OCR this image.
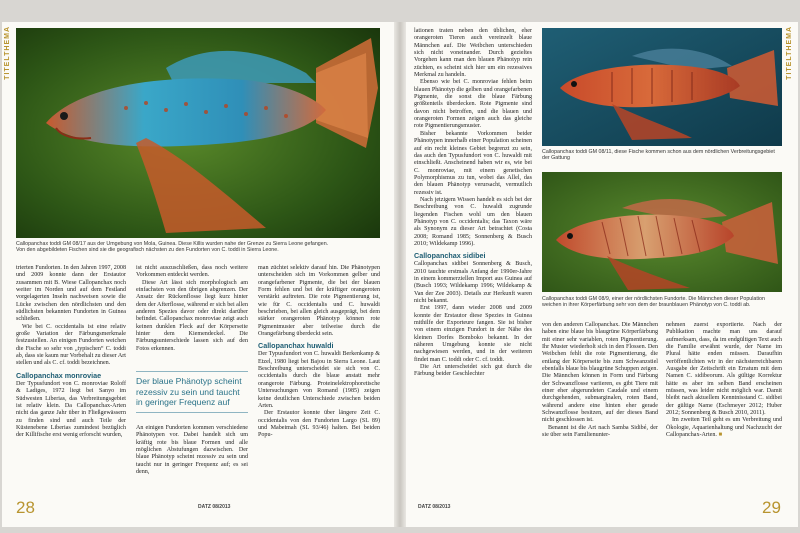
TITELTHEMA
Callopanchax toddi GM 08/17 aus der Umgebung von Mola, Guinea. Diese Killis wurden nahe der Grenze zu Sierra Leone gefangen.
Von den abgebildeten Fischen sind sie die geografisch nächsten zu den Fundorten von C. toddi in Sierra Leone.

trierten Fundorten. In den Jahren 1997, 2008 und 2009 konnte dann der Erstautor zusammen mit B. Wiese Callopanchax noch weiter im Norden und auf dem Festland vorgelagerten Inseln nachweisen sowie die Lücke zwischen den nördlichsten und den südlichsten bekannten Fundorten in Guinea schließen.

Wie bei C. occidentalis ist eine relativ große Variation der Färbungsmerkmale festzustellen. An einigen Fundorten weichen die Fische so sehr von „typischen“ C. toddi ab, dass sie kaum nur Vorbehalt zu dieser Art stellen und als C. cf. toddi bezeichnen.

Callopanchax monroviae

Der Typusfundort von C. monroviae Roloff & Ladiges, 1972 liegt bei Sanyo im Südwesten Liberias, das Verbreitungsgebiet ist relativ klein. Da Callopanchax-Arten nicht das ganze Jahr über in Fließgewässern zu finden sind und auch Teile der Küstenebene Liberias zumindest bezüglich der Killifische erst wenig erforscht wurden,

ist nicht auszuschließen, dass noch weitere Vorkommen entdeckt werden.

Diese Art lässt sich morphologisch am einfachsten von den übrigen abgrenzen. Der Ansatz der Rückenflosse liegt kurz hinter dem der Afterflosse, während er sich bei allen anderen Spezies davor oder direkt darüber befindet. Callopanchax monroviae zeigt auch keinen dunklen Fleck auf der Körperseite hinter dem Kiemendeckel. Die Färbungsunterschiede lassen sich auf den Fotos erkennen.

Der blaue Phänotyp scheint rezessiv zu sein und taucht in geringer Frequenz auf

An einigen Fundorten kommen verschiedene Phänotypen vor. Dabei handelt sich um kräftig rote bis blaue Formen und alle möglichen Abstufungen dazwischen. Der blaue Phänotyp scheint rezessiv zu sein und taucht nur in geringer Frequenz auf; es sei denn,

man züchtet selektiv darauf hin. Die Phänotypen unterscheiden sich im Vorkommen gelber und orangefarbener Pigmente, die bei der blauen Form fehlen und bei der kräftiger orangeroten verstärkt auftreten. Die rote Pigmentierung ist, wie für C. occidentalis und C. huwaldi beschrieben, bei allen gleich ausgeprägt, bei dem stärker orangeroten Phänotyp können rote Pigmentmuster aber teilweise durch die Orangefärbung überdeckt sein.

Callopanchax huwaldi

Der Typusfundort von C. huwaldi Berkenkamp & Etzel, 1980 liegt bei Bajou in Sierra Leone. Laut Beschreibung unterscheidet sie sich von C. occidentalis durch die blaue anstatt mehr orangerote Färbung. Proteinelektrophoretische Untersuchungen von Romand (1985) zeigen keine deutlichen Unterschiede zwischen beiden Arten.

Der Erstautor konnte über längere Zeit C. occidentalis von den Fundorten Largo (SL 89) und Mabeimah (SL 93/46) halten. Bei beiden Popu-

28	DATZ 08/2013
TITELTHEMA

lationen traten neben den üblichen, eher orangeroten Tieren auch vereinzelt blaue Männchen auf. Die Weibchen unterschieden sich nicht voneinander. Durch gezieltes Vorgehen kann man den blauen Phänotyp rein züchten, es scheint sich hier um ein rezessives Merkmal zu handeln.

Ebenso wie bei C. monroviae fehlen beim blauen Phänotyp die gelben und orangefarbenen Pigmente, die sonst die blaue Färbung größtenteils überdecken. Rote Pigmente sind davon nicht betroffen, und die blauen und orangeroten Formen zeigen auch das gleiche rote Pigmentierungsmuster.

Bisher bekannte Vorkommen beider Phänotypen innerhalb einer Population scheinen auf ein recht kleines Gebiet begrenzt zu sein, das auch den Typusfundort von C. huwaldi mit einschließt. Anscheinend haben wir es, wie bei C. monroviae, mit einem genetischen Polymorphismus zu tun, wobei das Allel, das den blauen Phänotyp verursacht, vermutlich rezessiv ist.

Nach jetzigem Wissen handelt es sich bei der Beschreibung von C. huwaldi zugrunde liegenden Fischen wohl um den blauen Phänotyp von C. occidentalis; das Taxon wäre als Synonym zu dieser Art betrachtet (Costa 2008; Romand 1985; Sonnenberg & Busch 2010; Wildekamp 1996).

Callopanchax sidibei

Callopanchax sidibei Sonnenberg & Busch, 2010 tauchte erstmals Anfang der 1990er-Jahre in einem kommerziellen Import aus Guinea auf (Busch 1993; Wildekamp 1996; Wildekamp & Van der Zee 2003). Details zur Herkunft waren nicht bekannt.

Erst 1997, dann wieder 2008 und 2009 konnte der Erstautor diese Spezies in Guinea mithilfe der Exporteure fangen. Sie ist bisher von einem einzigen Fundort in der Nähe des kleinen Dorfes Bomboko bekannt. In der näheren Umgebung konnte sie nicht nachgewiesen werden, und in der weiteren findet man C. toddi oder C. cf. toddi.

Die Art unterscheidet sich gut durch die Färbung beider Geschlechter

Callopanchax toddi GM 08/11, diese Fische kommen schon aus dem nördlichen Verbreitungsgebiet der Gattung
Callopanchax toddi GM 08/9, einer der nördlichsten Fundorte. Die Männchen dieser Population weichen in ihrer Körperfärbung sehr von dem der braunblauen Phänotyp von C. toddi ab.

von den anderen Callopanchax. Die Männchen haben eine blaue bis blaugrüne Körperfärbung mit einer sehr variablen, roten Pigmentierung. Ihr Muster wiederholt sich in den Flossen. Den Weibchen fehlt die rote Pigmentierung, die entlang der Körperseite bis zum Schwanzstiel ebenfalls blaue bis blaugrüne Schuppen zeigen. Die Männchen können in Form und Färbung der Schwanzflosse variieren, es gibt Tiere mit einer eher abgerundeten Caudale und einem durchgehenden, submarginalen, roten Band, während andere eine hinten eher gerade Schwanzflosse besitzen, auf der dieses Band nicht geschlossen ist.

Benannt ist die Art nach Samba Sidibé, der sie über sein Familienunter-

nehmen zuerst exportierte. Nach der Publikation machte man uns darauf aufmerksam, dass, da im endgültigen Text auch die Familie erwähnt wurde, der Name im Plural hätte enden müssen. Daraufhin veröffentlichten wir in der nächsterreichbaren Ausgabe der Zeitschrift ein Erratum mit dem Namen C. sidibeorum. Als gültige Korrektur hätte es aber im selben Band erscheinen müssen, was leider nicht möglich war. Damit bleibt nach aktuellem Kenntnisstand C. sidibei der gültige Name (Eschmeyer 2012; Huber 2012; Sonnenberg & Busch 2010, 2011).

Im zweiten Teil geht es um Verbreitung und Ökologie, Aquarienhaltung und Nachzucht der Callopanchax-Arten. ■

29
DATZ 08/2013
